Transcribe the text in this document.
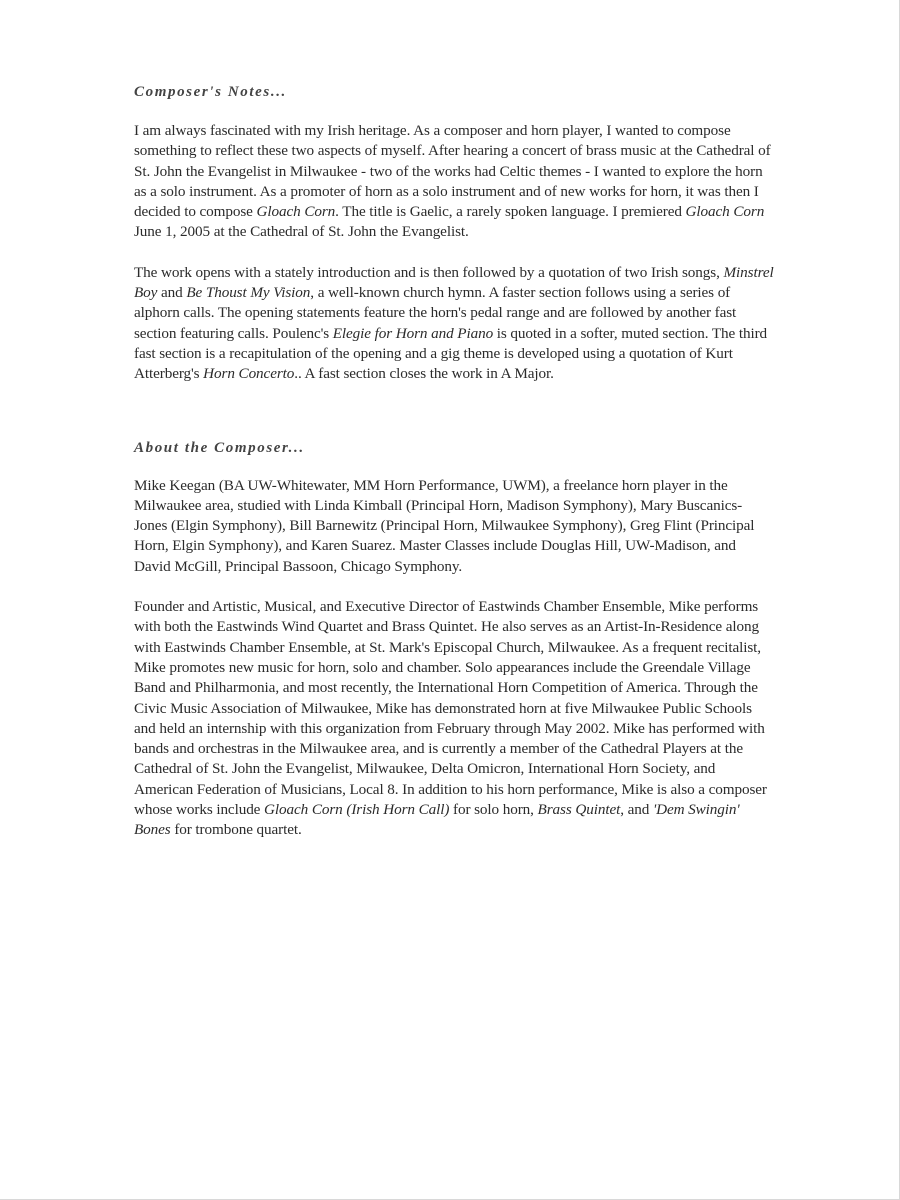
Composer's Notes...

I am always fascinated with my Irish heritage. As a composer and horn player, I wanted to compose something to reflect these two aspects of myself. After hearing a concert of brass music at the Cathedral of St. John the Evangelist in Milwaukee - two of the works had Celtic themes - I wanted to explore the horn as a solo instrument. As a promoter of horn as a solo instrument and of new works for horn, it was then I decided to compose Gloach Corn. The title is Gaelic, a rarely spoken language. I premiered Gloach Corn June 1, 2005 at the Cathedral of St. John the Evangelist.

The work opens with a stately introduction and is then followed by a quotation of two Irish songs, Minstrel Boy and Be Thoust My Vision, a well-known church hymn. A faster section follows using a series of alphorn calls. The opening statements feature the horn's pedal range and are followed by another fast section featuring calls. Poulenc's Elegie for Horn and Piano is quoted in a softer, muted section. The third fast section is a recapitulation of the opening and a gig theme is developed using a quotation of Kurt Atterberg's Horn Concerto.. A fast section closes the work in A Major.

About the Composer...

Mike Keegan (BA UW-Whitewater, MM Horn Performance, UWM), a freelance horn player in the Milwaukee area, studied with Linda Kimball (Principal Horn, Madison Symphony), Mary Buscanics-Jones (Elgin Symphony), Bill Barnewitz (Principal Horn, Milwaukee Symphony), Greg Flint (Principal Horn, Elgin Symphony), and Karen Suarez. Master Classes include Douglas Hill, UW-Madison, and David McGill, Principal Bassoon, Chicago Symphony.

Founder and Artistic, Musical, and Executive Director of Eastwinds Chamber Ensemble, Mike performs with both the Eastwinds Wind Quartet and Brass Quintet. He also serves as an Artist-In-Residence along with Eastwinds Chamber Ensemble, at St. Mark's Episcopal Church, Milwaukee. As a frequent recitalist, Mike promotes new music for horn, solo and chamber. Solo appearances include the Greendale Village Band and Philharmonia, and most recently, the International Horn Competition of America. Through the Civic Music Association of Milwaukee, Mike has demonstrated horn at five Milwaukee Public Schools and held an internship with this organization from February through May 2002. Mike has performed with bands and orchestras in the Milwaukee area, and is currently a member of the Cathedral Players at the Cathedral of St. John the Evangelist, Milwaukee, Delta Omicron, International Horn Society, and American Federation of Musicians, Local 8. In addition to his horn performance, Mike is also a composer whose works include Gloach Corn (Irish Horn Call) for solo horn, Brass Quintet, and 'Dem Swingin' Bones for trombone quartet.
